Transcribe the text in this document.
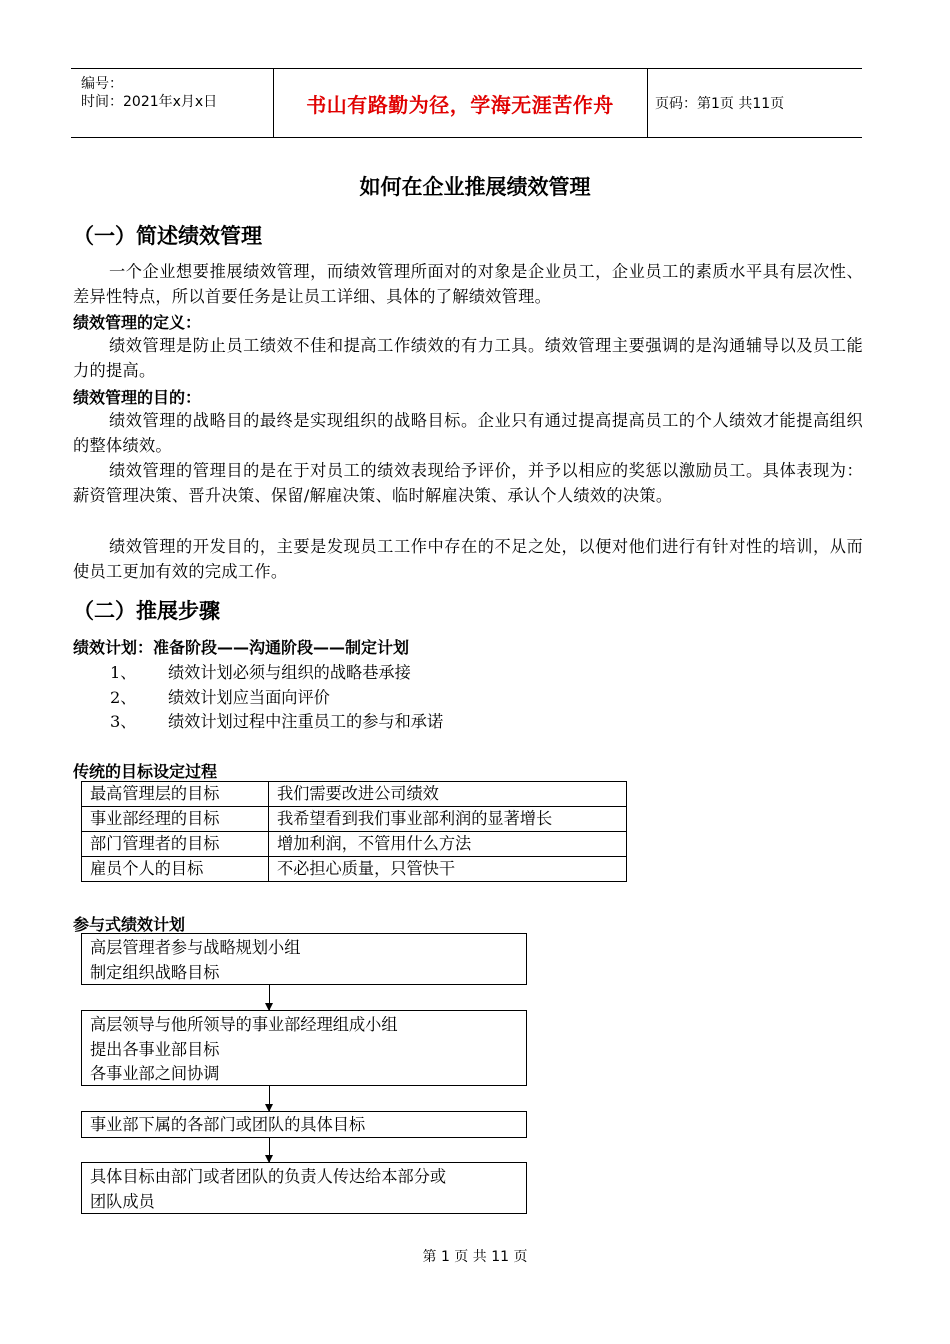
编号：
时间：2021年x月x日	书山有路勤为径，学海无涯苦作舟	页码：第1页 共11页
如何在企业推展绩效管理
（一）简述绩效管理
一个企业想要推展绩效管理，而绩效管理所面对的对象是企业员工，企业员工的素质水平具有层次性、差异性特点，所以首要任务是让员工详细、具体的了解绩效管理。
绩效管理的定义：
绩效管理是防止员工绩效不佳和提高工作绩效的有力工具。绩效管理主要强调的是沟通辅导以及员工能力的提高。
绩效管理的目的：
绩效管理的战略目的最终是实现组织的战略目标。企业只有通过提高提高员工的个人绩效才能提高组织的整体绩效。
绩效管理的管理目的是在于对员工的绩效表现给予评价，并予以相应的奖惩以激励员工。具体表现为：薪资管理决策、晋升决策、保留/解雇决策、临时解雇决策、承认个人绩效的决策。
绩效管理的开发目的，主要是发现员工工作中存在的不足之处，以便对他们进行有针对性的培训，从而使员工更加有效的完成工作。
（二）推展步骤
绩效计划：准备阶段——沟通阶段——制定计划
1、 绩效计划必须与组织的战略巷承接
2、 绩效计划应当面向评价
3、 绩效计划过程中注重员工的参与和承诺
传统的目标设定过程
最高管理层的目标	我们需要改进公司绩效
事业部经理的目标	我希望看到我们事业部利润的显著增长
部门管理者的目标	增加利润，不管用什么方法
雇员个人的目标	不必担心质量，只管快干
参与式绩效计划
高层管理者参与战略规划小组
制定组织战略目标
高层领导与他所领导的事业部经理组成小组
提出各事业部目标
各事业部之间协调
事业部下属的各部门或团队的具体目标
具体目标由部门或者团队的负责人传达给本部分或
团队成员
第 1 页 共 11 页
